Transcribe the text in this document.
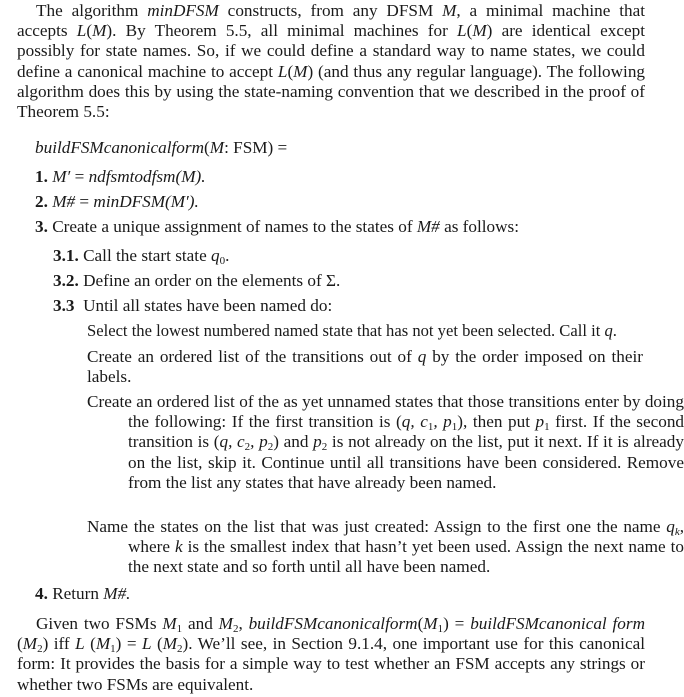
The algorithm minDFSM constructs, from any DFSM M, a minimal machine that accepts L(M). By Theorem 5.5, all minimal machines for L(M) are identical except possibly for state names. So, if we could define a standard way to name states, we could define a canonical machine to accept L(M) (and thus any regular language). The following algorithm does this by using the state-naming convention that we described in the proof of Theorem 5.5:
buildFSMcanonicalform(M: FSM) =
1. M′ = ndfsmtodfsm(M).
2. M# = minDFSM(M′).
3. Create a unique assignment of names to the states of M# as follows:
3.1. Call the start state $q_0$.
3.2. Define an order on the elements of Σ.
3.3 Until all states have been named do:
Select the lowest numbered named state that has not yet been selected. Call it q.
Create an ordered list of the transitions out of q by the order imposed on their labels.
Create an ordered list of the as yet unnamed states that those transitions enter by doing the following: If the first transition is (q, $c_1$, $p_1$), then put $p_1$ first. If the second transition is (q, $c_2$, $p_2$) and $p_2$ is not already on the list, put it next. If it is already on the list, skip it. Continue until all transitions have been considered. Remove from the list any states that have already been named.
Name the states on the list that was just created: Assign to the first one the name $q_k$, where k is the smallest index that hasn’t yet been used. Assign the next name to the next state and so forth until all have been named.
4. Return M#.
Given two FSMs $M_1$ and $M_2$, $buildFSMcanonicalform(M_1)$ = buildFSMcanonical form $(M_2)$ iff L $(M_1) = L$ $(M_2)$. We’ll see, in Section 9.1.4, one important use for this canonical form: It provides the basis for a simple way to test whether an FSM accepts any strings or whether two FSMs are equivalent.
